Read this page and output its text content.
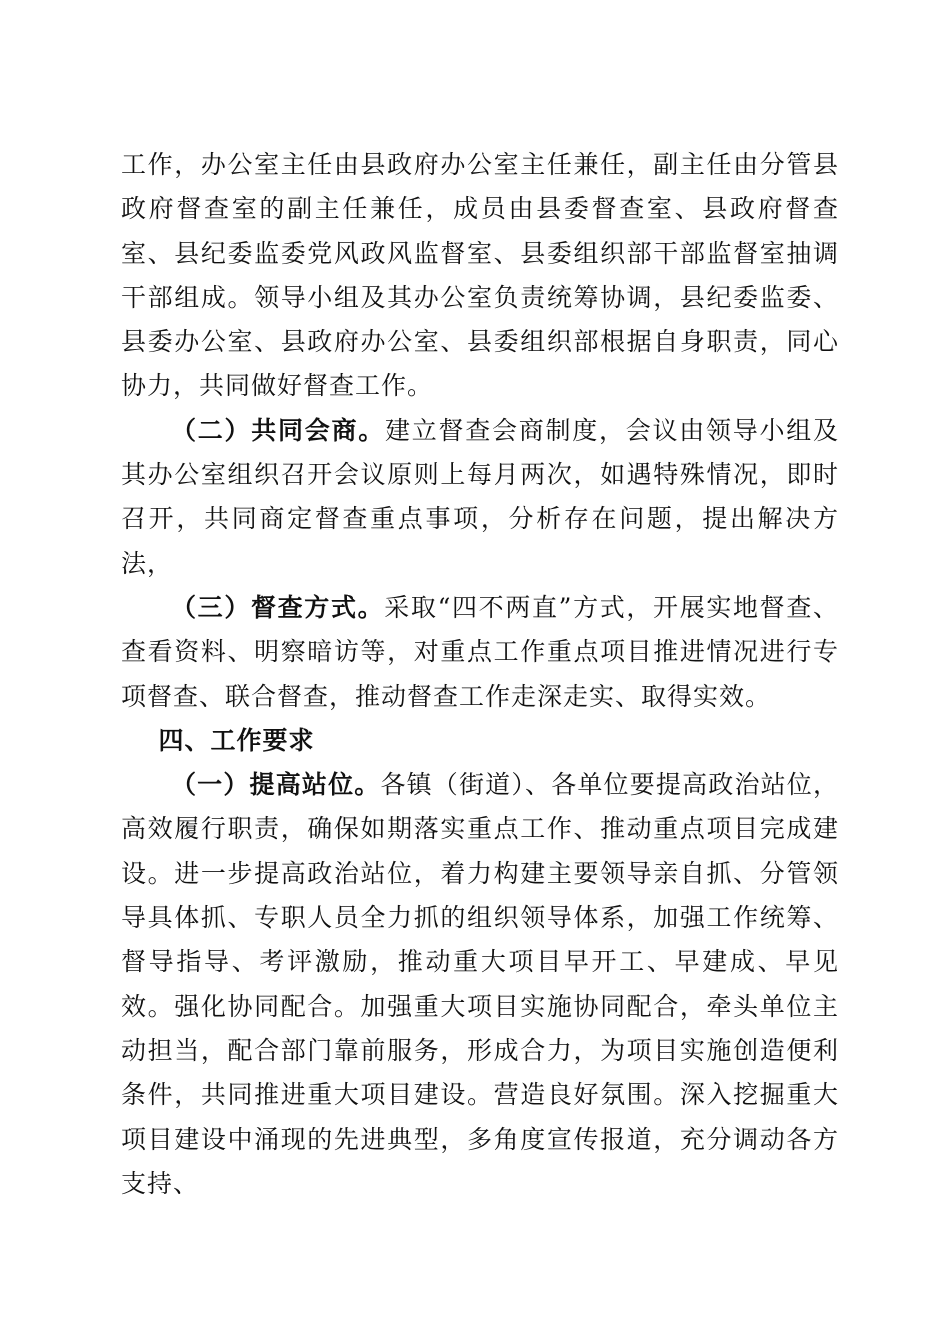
工作，办公室主任由县政府办公室主任兼任，副主任由分管县政府督查室的副主任兼任，成员由县委督查室、县政府督查室、县纪委监委党风政风监督室、县委组织部干部监督室抽调干部组成。领导小组及其办公室负责统筹协调，县纪委监委、县委办公室、县政府办公室、县委组织部根据自身职责，同心协力，共同做好督查工作。

（二）共同会商。建立督查会商制度，会议由领导小组及其办公室组织召开会议原则上每月两次，如遇特殊情况，即时召开，共同商定督查重点事项，分析存在问题，提出解决方法，

（三）督查方式。采取“四不两直”方式，开展实地督查、查看资料、明察暗访等，对重点工作重点项目推进情况进行专项督查、联合督查，推动督查工作走深走实、取得实效。

四、工作要求

（一）提高站位。各镇（街道）、各单位要提高政治站位，高效履行职责，确保如期落实重点工作、推动重点项目完成建设。进一步提高政治站位，着力构建主要领导亲自抓、分管领导具体抓、专职人员全力抓的组织领导体系，加强工作统筹、督导指导、考评激励，推动重大项目早开工、早建成、早见效。强化协同配合。加强重大项目实施协同配合，牵头单位主动担当，配合部门靠前服务，形成合力，为项目实施创造便利条件，共同推进重大项目建设。营造良好氛围。深入挖掘重大项目建设中涌现的先进典型，多角度宣传报道，充分调动各方支持、
